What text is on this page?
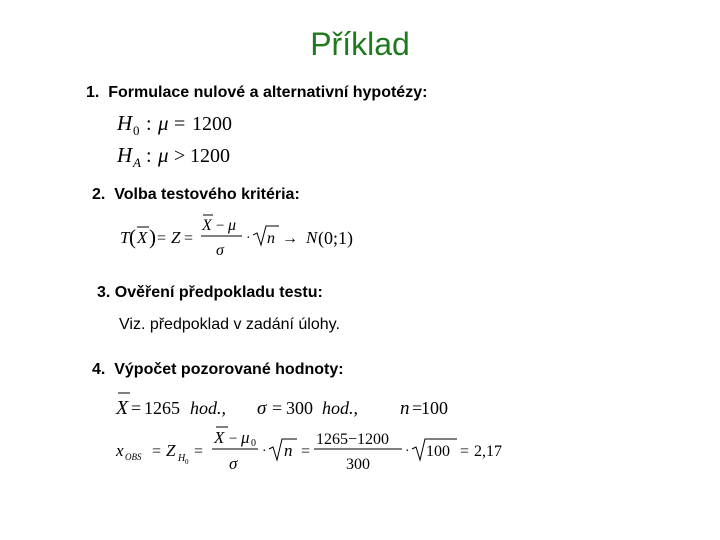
Příklad
1. Formulace nulové a alternativní hypotézy:
H 0 : μ = 1200
H A : μ > 1200
2. Volba testového kritéria:
T ( X ) = Z =
X − μ
σ
· n → N (0;1)
3. Ověření předpokladu testu:
Viz. předpoklad v zadání úlohy.
4. Výpočet pozorované hodnoty:
X = 1265 hod., σ = 300 hod., n =
100
x OBS = Z H 0
=
X − μ 0
σ
· n =
1265−1200
300
· 100 = 2,17
